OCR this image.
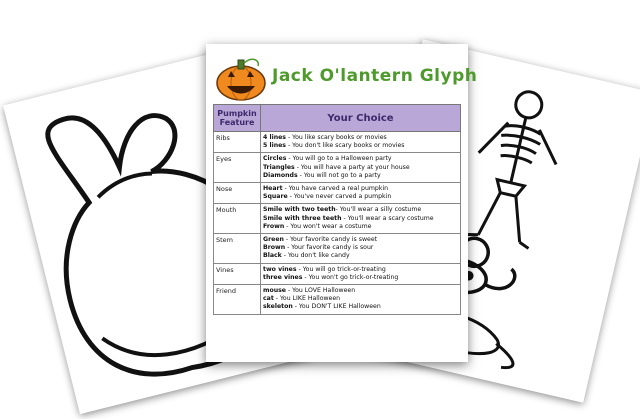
Jack O'lantern Glyph
Pumpkin Feature	Your Choice
Ribs	4 lines - You like scary books or movies
5 lines - You don't like scary books or movies

Eyes	Circles - You will go to a Halloween party
Triangles - You will have a party at your house
Diamonds - You will not go to a party

Nose	Heart - You have carved a real pumpkin
Square - You've never carved a pumpkin

Mouth	Smile with two teeth- You'll wear a silly costume
Smile with three teeth - You'll wear a scary costume
Frown - You won't wear a costume

Stem	Green - Your favorite candy is sweet
Brown - Your favorite candy is sour
Black - You don't like candy

Vines	two vines - You will go trick-or-treating
three vines - You won't go trick-or-treating

Friend	mouse - You LOVE Halloween
cat - You LIKE Halloween
skeleton - You DON'T LIKE Halloween
